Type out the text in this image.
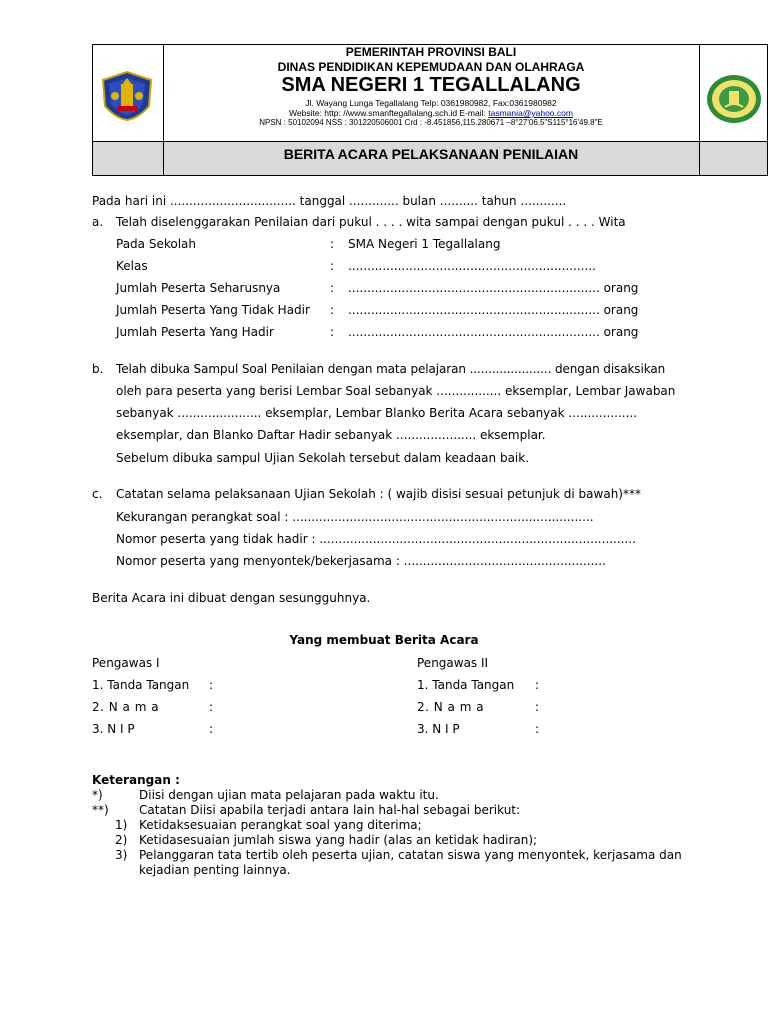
PEMERINTAH PROVINSI BALI
DINAS PENDIDIKAN KEPEMUDAAN DAN OLAHRAGA
SMA NEGERI 1 TEGALLALANG
Jl. Wayang Lunga Tegallalang Telp: 0361980982, Fax:0361980982
Website: http: //www.smanftegallalang.sch.id E-mail: tasmania@yahoo.com
NPSN : 50102094 NSS : 301220506001 Crd : -8.451856,115.280671 –8°27'06.5"S115°16'49.8"E
BERITA ACARA PELAKSANAAN PENILAIAN
Pada hari ini ................................. tanggal ............. bulan .......... tahun ............
a. Telah diselenggarakan Penilaian dari pukul . . . . wita sampai dengan pukul . . . . Wita
Pada Sekolah	: SMA Negeri 1 Tegallalang
Kelas	: .................................................................
Jumlah Peserta Seharusnya	: .................................................................. orang
Jumlah Peserta Yang Tidak Hadir : .................................................................. orang
Jumlah Peserta Yang Hadir	: .................................................................. orang
b. Telah dibuka Sampul Soal Penilaian dengan mata pelajaran ...................... dengan disaksikan
oleh para peserta yang berisi Lembar Soal sebanyak ................. eksemplar, Lembar Jawaban
sebanyak ...................... eksemplar, Lembar Blanko Berita Acara sebanyak ..................
eksemplar, dan Blanko Daftar Hadir sebanyak ..................... eksemplar.
Sebelum dibuka sampul Ujian Sekolah tersebut dalam keadaan baik.
c. Catatan selama pelaksanaan Ujian Sekolah : ( wajib disisi sesuai petunjuk di bawah)***
Kekurangan perangkat soal : ...............................................................................
Nomor peserta yang tidak hadir : ...................................................................................
Nomor peserta yang menyontek/bekerjasama : .....................................................
Berita Acara ini dibuat dengan sesungguhnya.
Yang membuat Berita Acara
Pengawas I
1. Tanda Tangan :
2. N a m a	:
3. N I P	:
Pengawas II
1. Tanda Tangan :
2. N a m a	:
3. N I P	:
Keterangan :
*)	Diisi dengan ujian mata pelajaran pada waktu itu.
**)	Catatan Diisi apabila terjadi antara lain hal-hal sebagai berikut:
1) Ketidaksesuaian perangkat soal yang diterima;
2) Ketidasesuaian jumlah siswa yang hadir (alas an ketidak hadiran);
3) Pelanggaran tata tertib oleh peserta ujian, catatan siswa yang menyontek, kerjasama dan
kejadian penting lainnya.
